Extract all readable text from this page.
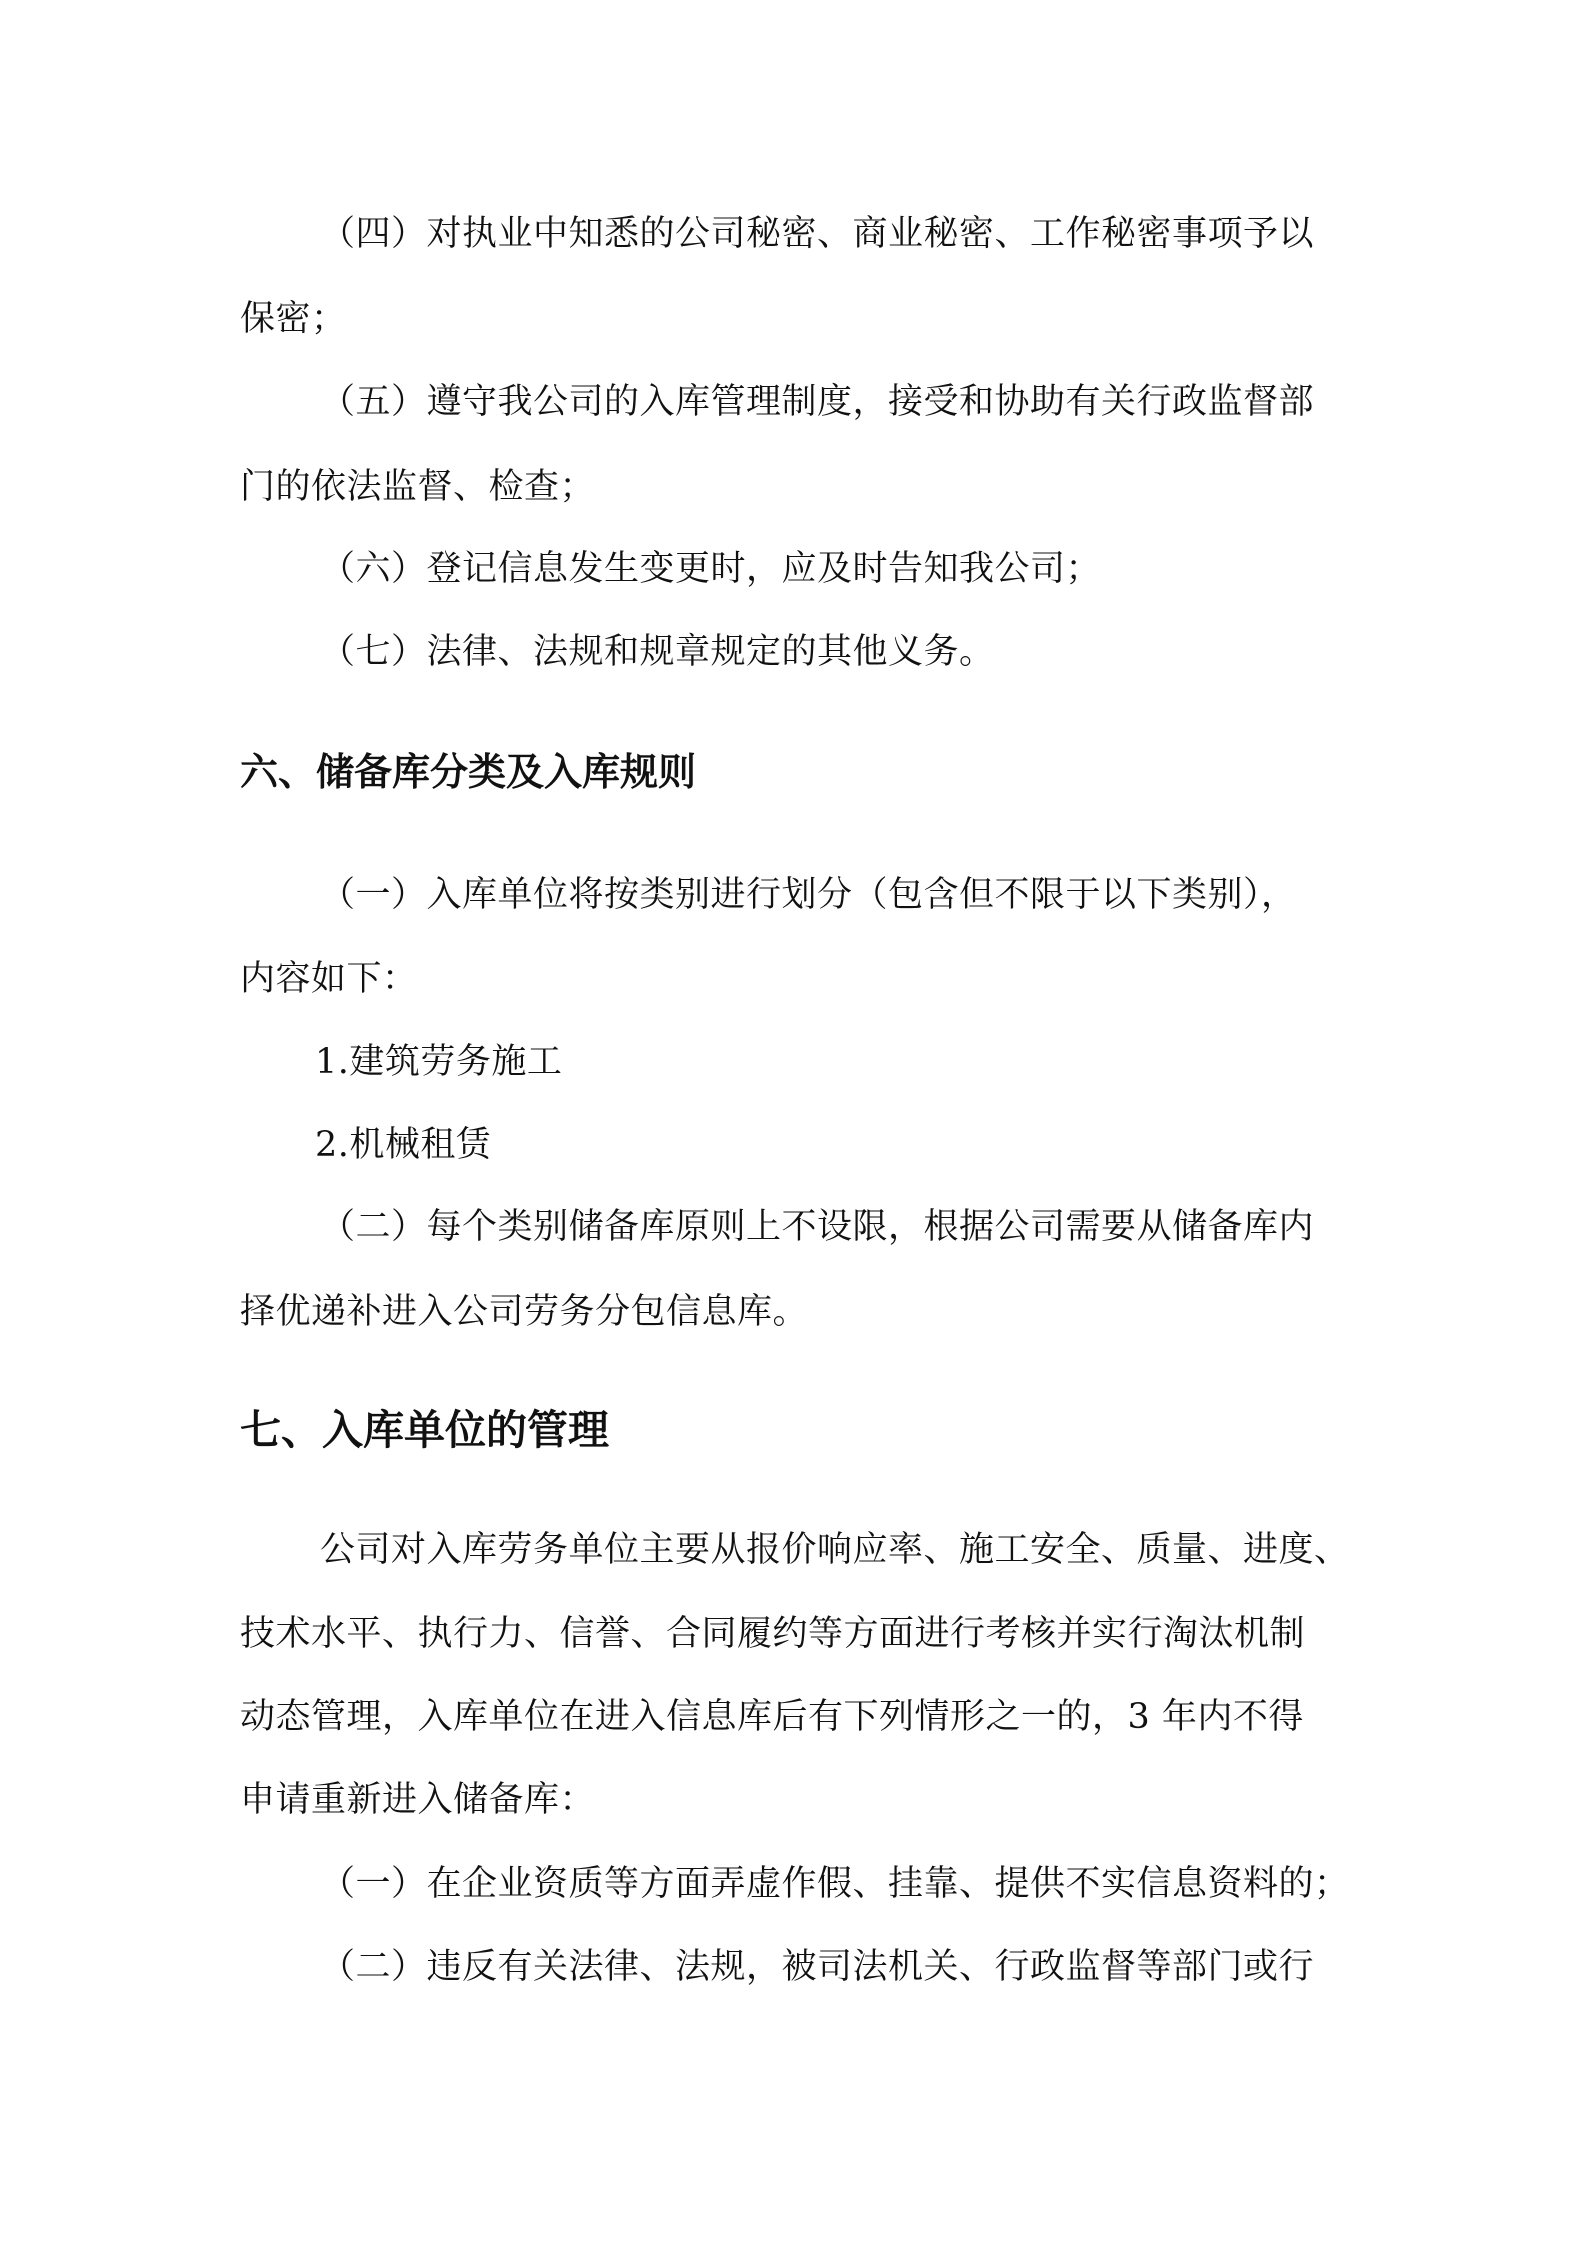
（四）对执业中知悉的公司秘密、商业秘密、工作秘密事项予以
保密；
（五）遵守我公司的入库管理制度，接受和协助有关行政监督部
门的依法监督、检查；
（六）登记信息发生变更时，应及时告知我公司；
（七）法律、法规和规章规定的其他义务。
六、储备库分类及入库规则
（一）入库单位将按类别进行划分（包含但不限于以下类别），
内容如下：
1.建筑劳务施工
2.机械租赁
（二）每个类别储备库原则上不设限，根据公司需要从储备库内
择优递补进入公司劳务分包信息库。
七、入库单位的管理
公司对入库劳务单位主要从报价响应率、施工安全、质量、进度、
技术水平、执行力、信誉、合同履约等方面进行考核并实行淘汰机制
动态管理，入库单位在进入信息库后有下列情形之一的，3 年内不得
申请重新进入储备库：
（一）在企业资质等方面弄虚作假、挂靠、提供不实信息资料的；
（二）违反有关法律、法规，被司法机关、行政监督等部门或行
